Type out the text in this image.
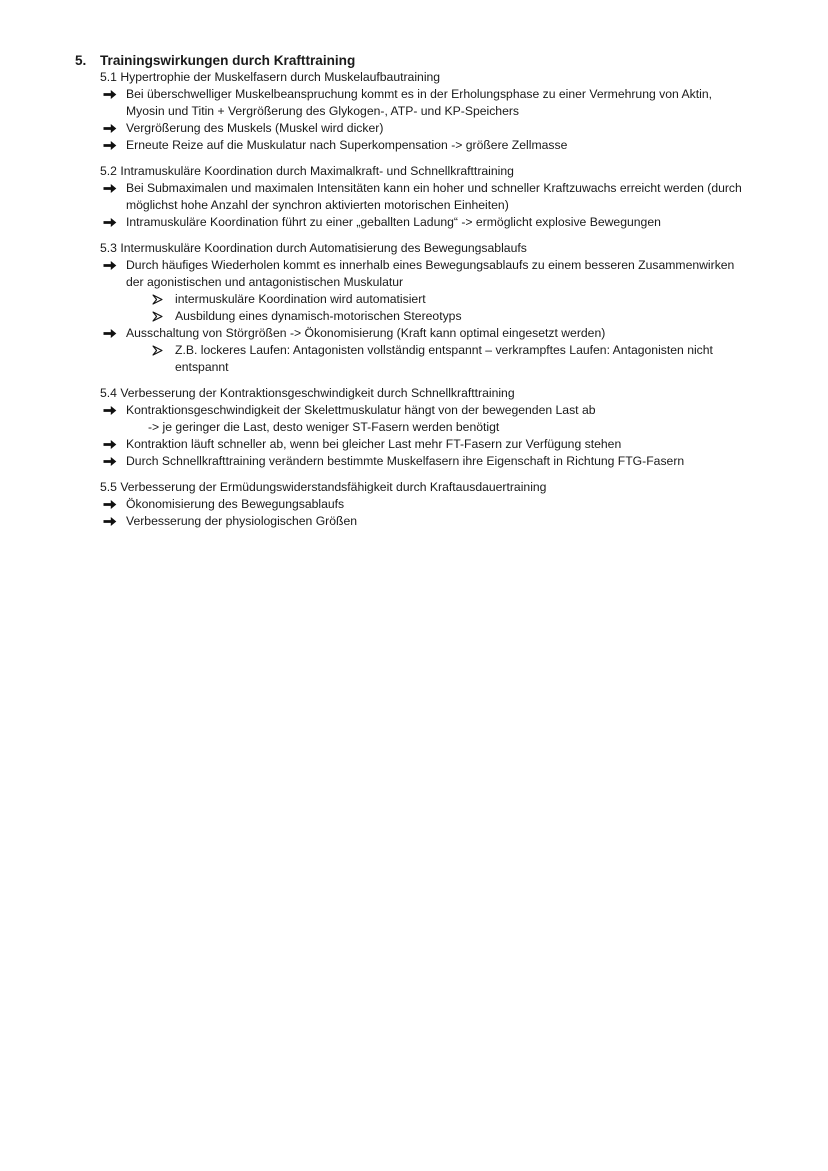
5.	Trainingswirkungen durch Krafttraining
5.1 Hypertrophie der Muskelfasern durch Muskelaufbautraining
Bei überschwelliger Muskelbeanspruchung kommt es in der Erholungsphase zu einer Vermehrung von Aktin,
Myosin und Titin + Vergrößerung des Glykogen-, ATP- und KP-Speichers
Vergrößerung des Muskels (Muskel wird dicker)
Erneute Reize auf die Muskulatur nach Superkompensation -> größere Zellmasse
5.2 Intramuskuläre Koordination durch Maximalkraft- und Schnellkrafttraining
Bei Submaximalen und maximalen Intensitäten kann ein hoher und schneller Kraftzuwachs erreicht werden (durch
möglichst hohe Anzahl der synchron aktivierten motorischen Einheiten)
Intramuskuläre Koordination führt zu einer „geballten Ladung“ -> ermöglicht explosive Bewegungen
5.3 Intermuskuläre Koordination durch Automatisierung des Bewegungsablaufs
Durch häufiges Wiederholen kommt es innerhalb eines Bewegungsablaufs zu einem besseren Zusammenwirken
der agonistischen und antagonistischen Muskulatur
intermuskuläre Koordination wird automatisiert
Ausbildung eines dynamisch-motorischen Stereotyps
Ausschaltung von Störgrößen -> Ökonomisierung (Kraft kann optimal eingesetzt werden)
Z.B. lockeres Laufen: Antagonisten vollständig entspannt – verkrampftes Laufen: Antagonisten nicht
entspannt
5.4 Verbesserung der Kontraktionsgeschwindigkeit durch Schnellkrafttraining
Kontraktionsgeschwindigkeit der Skelettmuskulatur hängt von der bewegenden Last ab
-> je geringer die Last, desto weniger ST-Fasern werden benötigt
Kontraktion läuft schneller ab, wenn bei gleicher Last mehr FT-Fasern zur Verfügung stehen
Durch Schnellkrafttraining verändern bestimmte Muskelfasern ihre Eigenschaft in Richtung FTG-Fasern
5.5 Verbesserung der Ermüdungswiderstandsfähigkeit durch Kraftausdauertraining
Ökonomisierung des Bewegungsablaufs
Verbesserung der physiologischen Größen
